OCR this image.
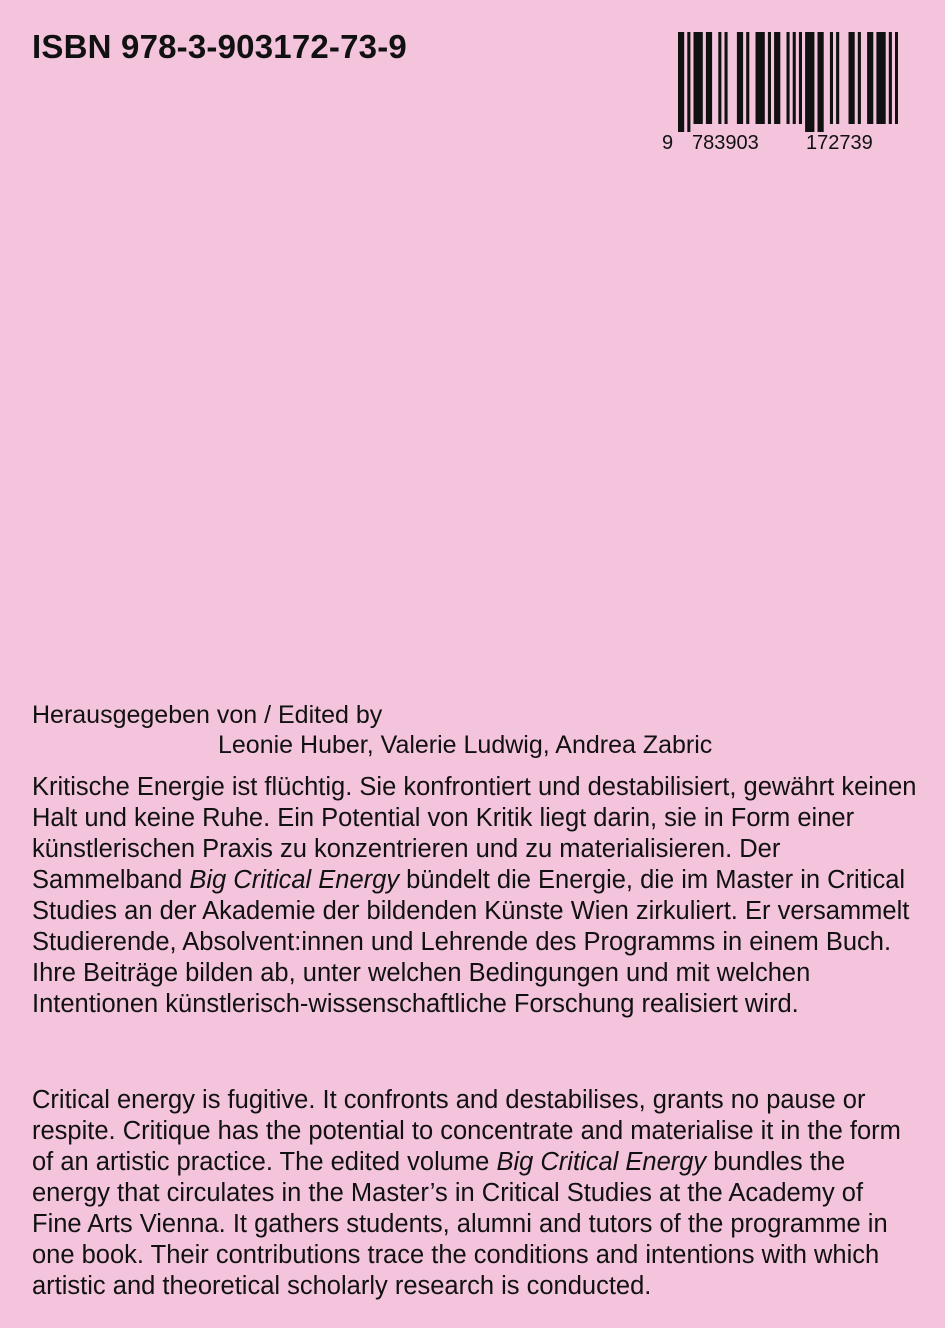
ISBN 978-3-903172-73-9
9 783903 172739
Herausgegeben von / Edited by
Leonie Huber, Valerie Ludwig, Andrea Zabric
Kritische Energie ist flüchtig. Sie konfrontiert und destabilisiert, gewährt keinen Halt und keine Ruhe. Ein Potential von Kritik liegt darin, sie in Form einer künstlerischen Praxis zu konzentrieren und zu materialisieren. Der Sammelband Big Critical Energy bündelt die Energie, die im Master in Critical Studies an der Akademie der bildenden Künste Wien zirkuliert. Er versammelt Studierende, Absolvent:innen und Lehrende des Programms in einem Buch. Ihre Beiträge bilden ab, unter welchen Bedingungen und mit welchen Intentionen künstlerisch-wissenschaftliche Forschung realisiert wird.
Critical energy is fugitive. It confronts and destabilises, grants no pause or respite. Critique has the potential to concentrate and materialise it in the form of an artistic practice. The edited volume Big Critical Energy bundles the energy that circulates in the Master’s in Critical Studies at the Academy of Fine Arts Vienna. It gathers students, alumni and tutors of the programme in one book. Their contributions trace the conditions and intentions with which artistic and theoretical scholarly research is conducted.
